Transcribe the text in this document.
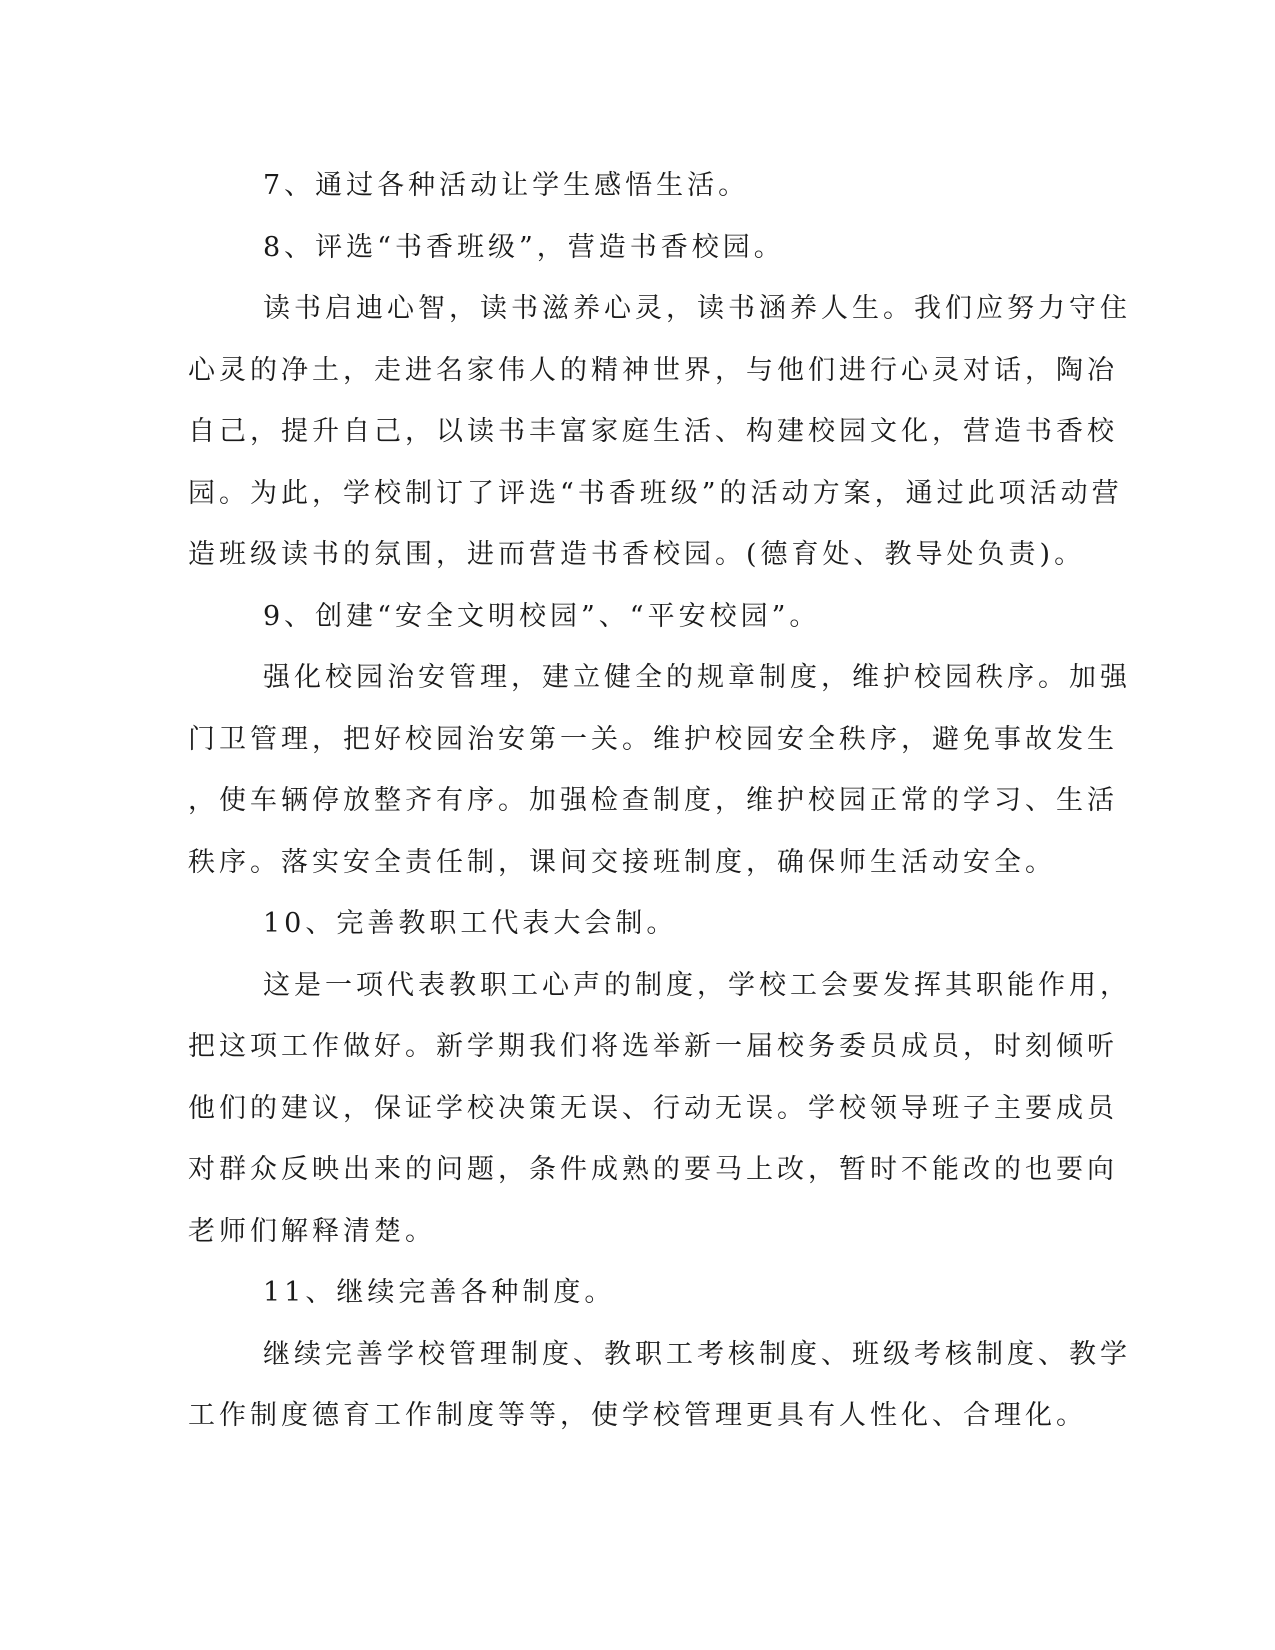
7、通过各种活动让学生感悟生活。
8、评选“书香班级”，营造书香校园。
读书启迪心智，读书滋养心灵，读书涵养人生。我们应努力守住
心灵的净土，走进名家伟人的精神世界，与他们进行心灵对话，陶冶
自己，提升自己，以读书丰富家庭生活、构建校园文化，营造书香校
园。为此，学校制订了评选“书香班级”的活动方案，通过此项活动营
造班级读书的氛围，进而营造书香校园。(德育处、教导处负责)。
9、创建“安全文明校园”、“平安校园”。
强化校园治安管理，建立健全的规章制度，维护校园秩序。加强
门卫管理，把好校园治安第一关。维护校园安全秩序，避免事故发生
，使车辆停放整齐有序。加强检查制度，维护校园正常的学习、生活
秩序。落实安全责任制，课间交接班制度，确保师生活动安全。
10、完善教职工代表大会制。
这是一项代表教职工心声的制度，学校工会要发挥其职能作用，
把这项工作做好。新学期我们将选举新一届校务委员成员，时刻倾听
他们的建议，保证学校决策无误、行动无误。学校领导班子主要成员
对群众反映出来的问题，条件成熟的要马上改，暂时不能改的也要向
老师们解释清楚。
11、继续完善各种制度。
继续完善学校管理制度、教职工考核制度、班级考核制度、教学
工作制度德育工作制度等等，使学校管理更具有人性化、合理化。
